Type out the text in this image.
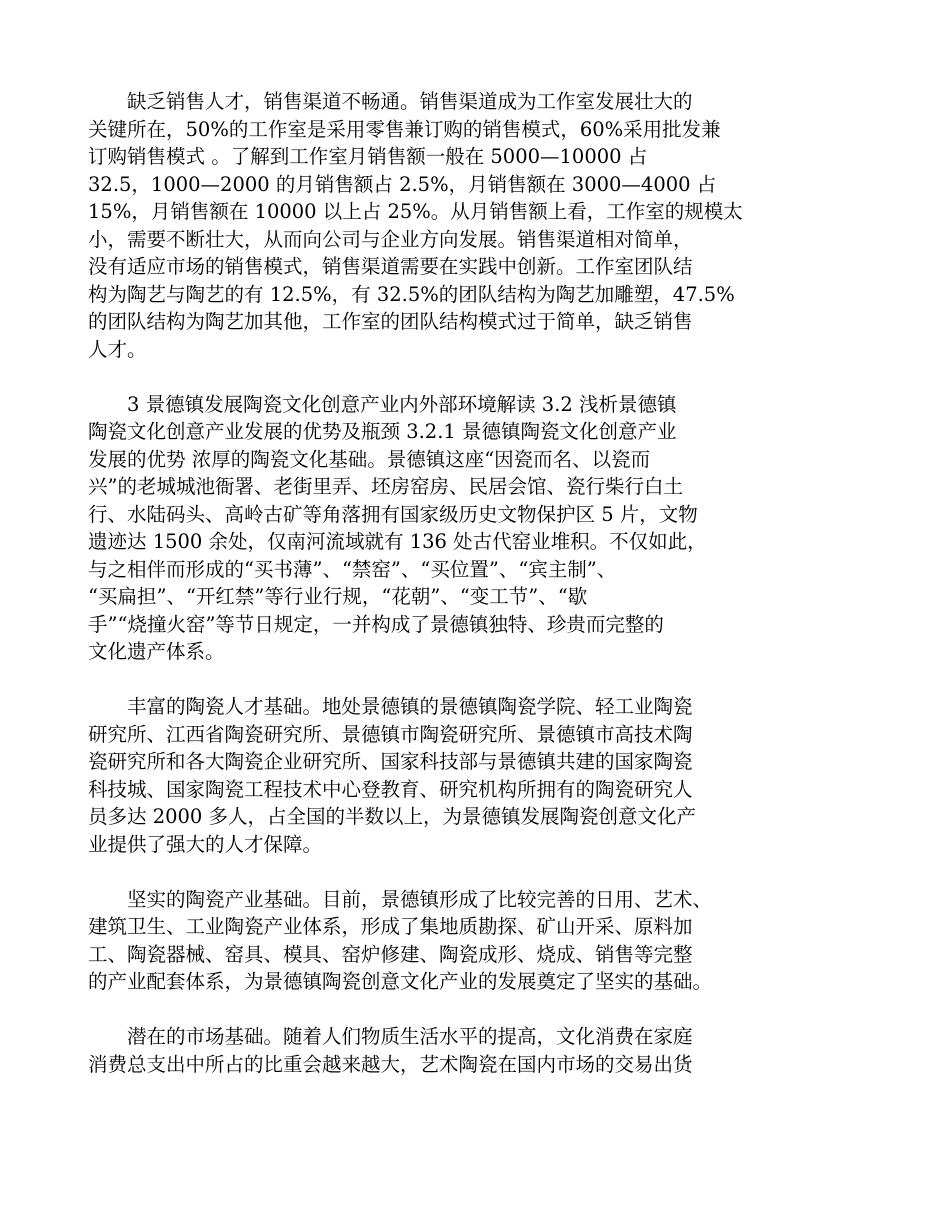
　　缺乏销售人才，销售渠道不畅通。销售渠道成为工作室发展壮大的
关键所在，50%的工作室是采用零售兼订购的销售模式，60%采用批发兼
订购销售模式 。了解到工作室月销售额一般在 5000—10000 占
32.5，1000—2000 的月销售额占 2.5%，月销售额在 3000—4000 占
15%，月销售额在 10000 以上占 25%。从月销售额上看，工作室的规模太
小，需要不断壮大，从而向公司与企业方向发展。销售渠道相对简单，
没有适应市场的销售模式，销售渠道需要在实践中创新。工作室团队结
构为陶艺与陶艺的有 12.5%，有 32.5%的团队结构为陶艺加雕塑，47.5%
的团队结构为陶艺加其他，工作室的团队结构模式过于简单，缺乏销售
人才。

　　3 景德镇发展陶瓷文化创意产业内外部环境解读 3.2 浅析景德镇
陶瓷文化创意产业发展的优势及瓶颈 3.2.1 景德镇陶瓷文化创意产业
发展的优势 浓厚的陶瓷文化基础。景德镇这座“因瓷而名、以瓷而
兴”的老城城池衙署、老街里弄、坯房窑房、民居会馆、瓷行柴行白土
行、水陆码头、高岭古矿等角落拥有国家级历史文物保护区 5 片，文物
遗迹达 1500 余处，仅南河流域就有 136 处古代窑业堆积。不仅如此，
与之相伴而形成的“买书薄”、“禁窑”、“买位置”、“宾主制”、
“买扁担”、“开红禁”等行业行规，“花朝”、“变工节”、“歇
手”“烧撞火窑”等节日规定，一并构成了景德镇独特、珍贵而完整的
文化遗产体系。

　　丰富的陶瓷人才基础。地处景德镇的景德镇陶瓷学院、轻工业陶瓷
研究所、江西省陶瓷研究所、景德镇市陶瓷研究所、景德镇市高技术陶
瓷研究所和各大陶瓷企业研究所、国家科技部与景德镇共建的国家陶瓷
科技城、国家陶瓷工程技术中心登教育、研究机构所拥有的陶瓷研究人
员多达 2000 多人，占全国的半数以上，为景德镇发展陶瓷创意文化产
业提供了强大的人才保障。

　　坚实的陶瓷产业基础。目前，景德镇形成了比较完善的日用、艺术、
建筑卫生、工业陶瓷产业体系，形成了集地质勘探、矿山开采、原料加
工、陶瓷器械、窑具、模具、窑炉修建、陶瓷成形、烧成、销售等完整
的产业配套体系，为景德镇陶瓷创意文化产业的发展奠定了坚实的基础。

　　潜在的市场基础。随着人们物质生活水平的提高，文化消费在家庭
消费总支出中所占的比重会越来越大，艺术陶瓷在国内市场的交易出货
